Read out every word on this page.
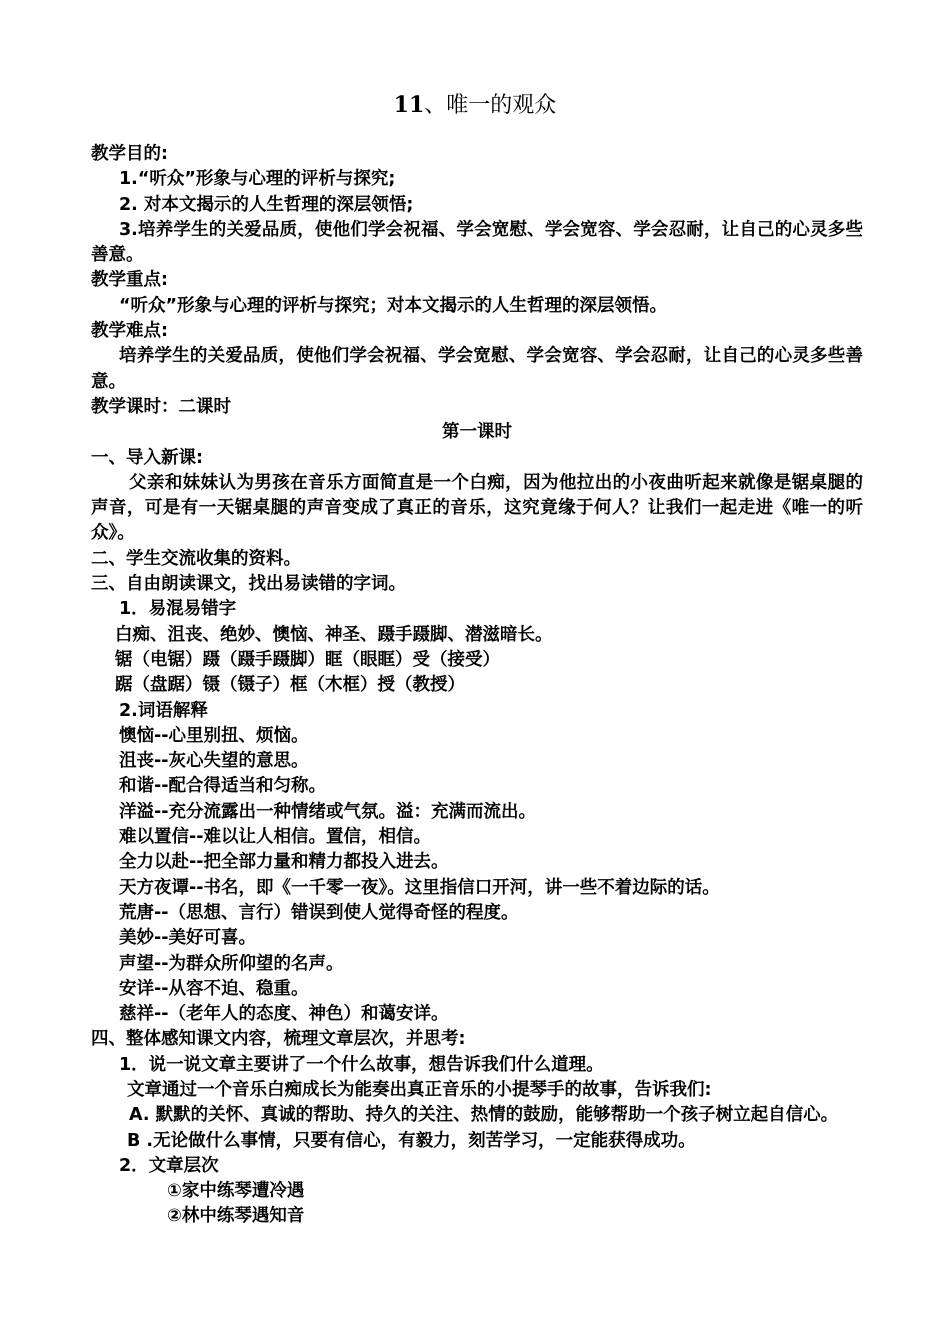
11、唯一的观众
教学目的:
1.“听众”形象与心理的评析与探究;
2. 对本文揭示的人生哲理的深层领悟;
3.培养学生的关爱品质，使他们学会祝福、学会宽慰、学会宽容、学会忍耐，让自己的心灵多些善意。
教学重点:
“听众”形象与心理的评析与探究；对本文揭示的人生哲理的深层领悟。
教学难点:
培养学生的关爱品质，使他们学会祝福、学会宽慰、学会宽容、学会忍耐，让自己的心灵多些善意。
教学课时：二课时
第一课时
一、导入新课:
父亲和妹妹认为男孩在音乐方面简直是一个白痴，因为他拉出的小夜曲听起来就像是锯桌腿的声音，可是有一天锯桌腿的声音变成了真正的音乐，这究竟缘于何人？让我们一起走进《唯一的听众》。
二、学生交流收集的资料。
三、自由朗读课文，找出易读错的字词。
1．易混易错字
白痴、沮丧、绝妙、懊恼、神圣、蹑手蹑脚、潜滋暗长。
锯（电锯）蹑（蹑手蹑脚）眶（眼眶）受（接受）
踞（盘踞）镊（镊子）框（木框）授（教授）
2.词语解释
懊恼--心里别扭、烦恼。
沮丧--灰心失望的意思。
和谐--配合得适当和匀称。
洋溢--充分流露出一种情绪或气氛。溢：充满而流出。
难以置信--难以让人相信。置信，相信。
全力以赴--把全部力量和精力都投入进去。
天方夜谭--书名，即《一千零一夜》。这里指信口开河，讲一些不着边际的话。
荒唐--（思想、言行）错误到使人觉得奇怪的程度。
美妙--美好可喜。
声望--为群众所仰望的名声。
安详--从容不迫、稳重。
慈祥--（老年人的态度、神色）和蔼安详。
四、整体感知课文内容，梳理文章层次，并思考:
1．说一说文章主要讲了一个什么故事，想告诉我们什么道理。
文章通过一个音乐白痴成长为能奏出真正音乐的小提琴手的故事，告诉我们:
A. 默默的关怀、真诚的帮助、持久的关注、热情的鼓励，能够帮助一个孩子树立起自信心。
B .无论做什么事情，只要有信心，有毅力，刻苦学习，一定能获得成功。
2．文章层次
①家中练琴遭冷遇
②林中练琴遇知音
